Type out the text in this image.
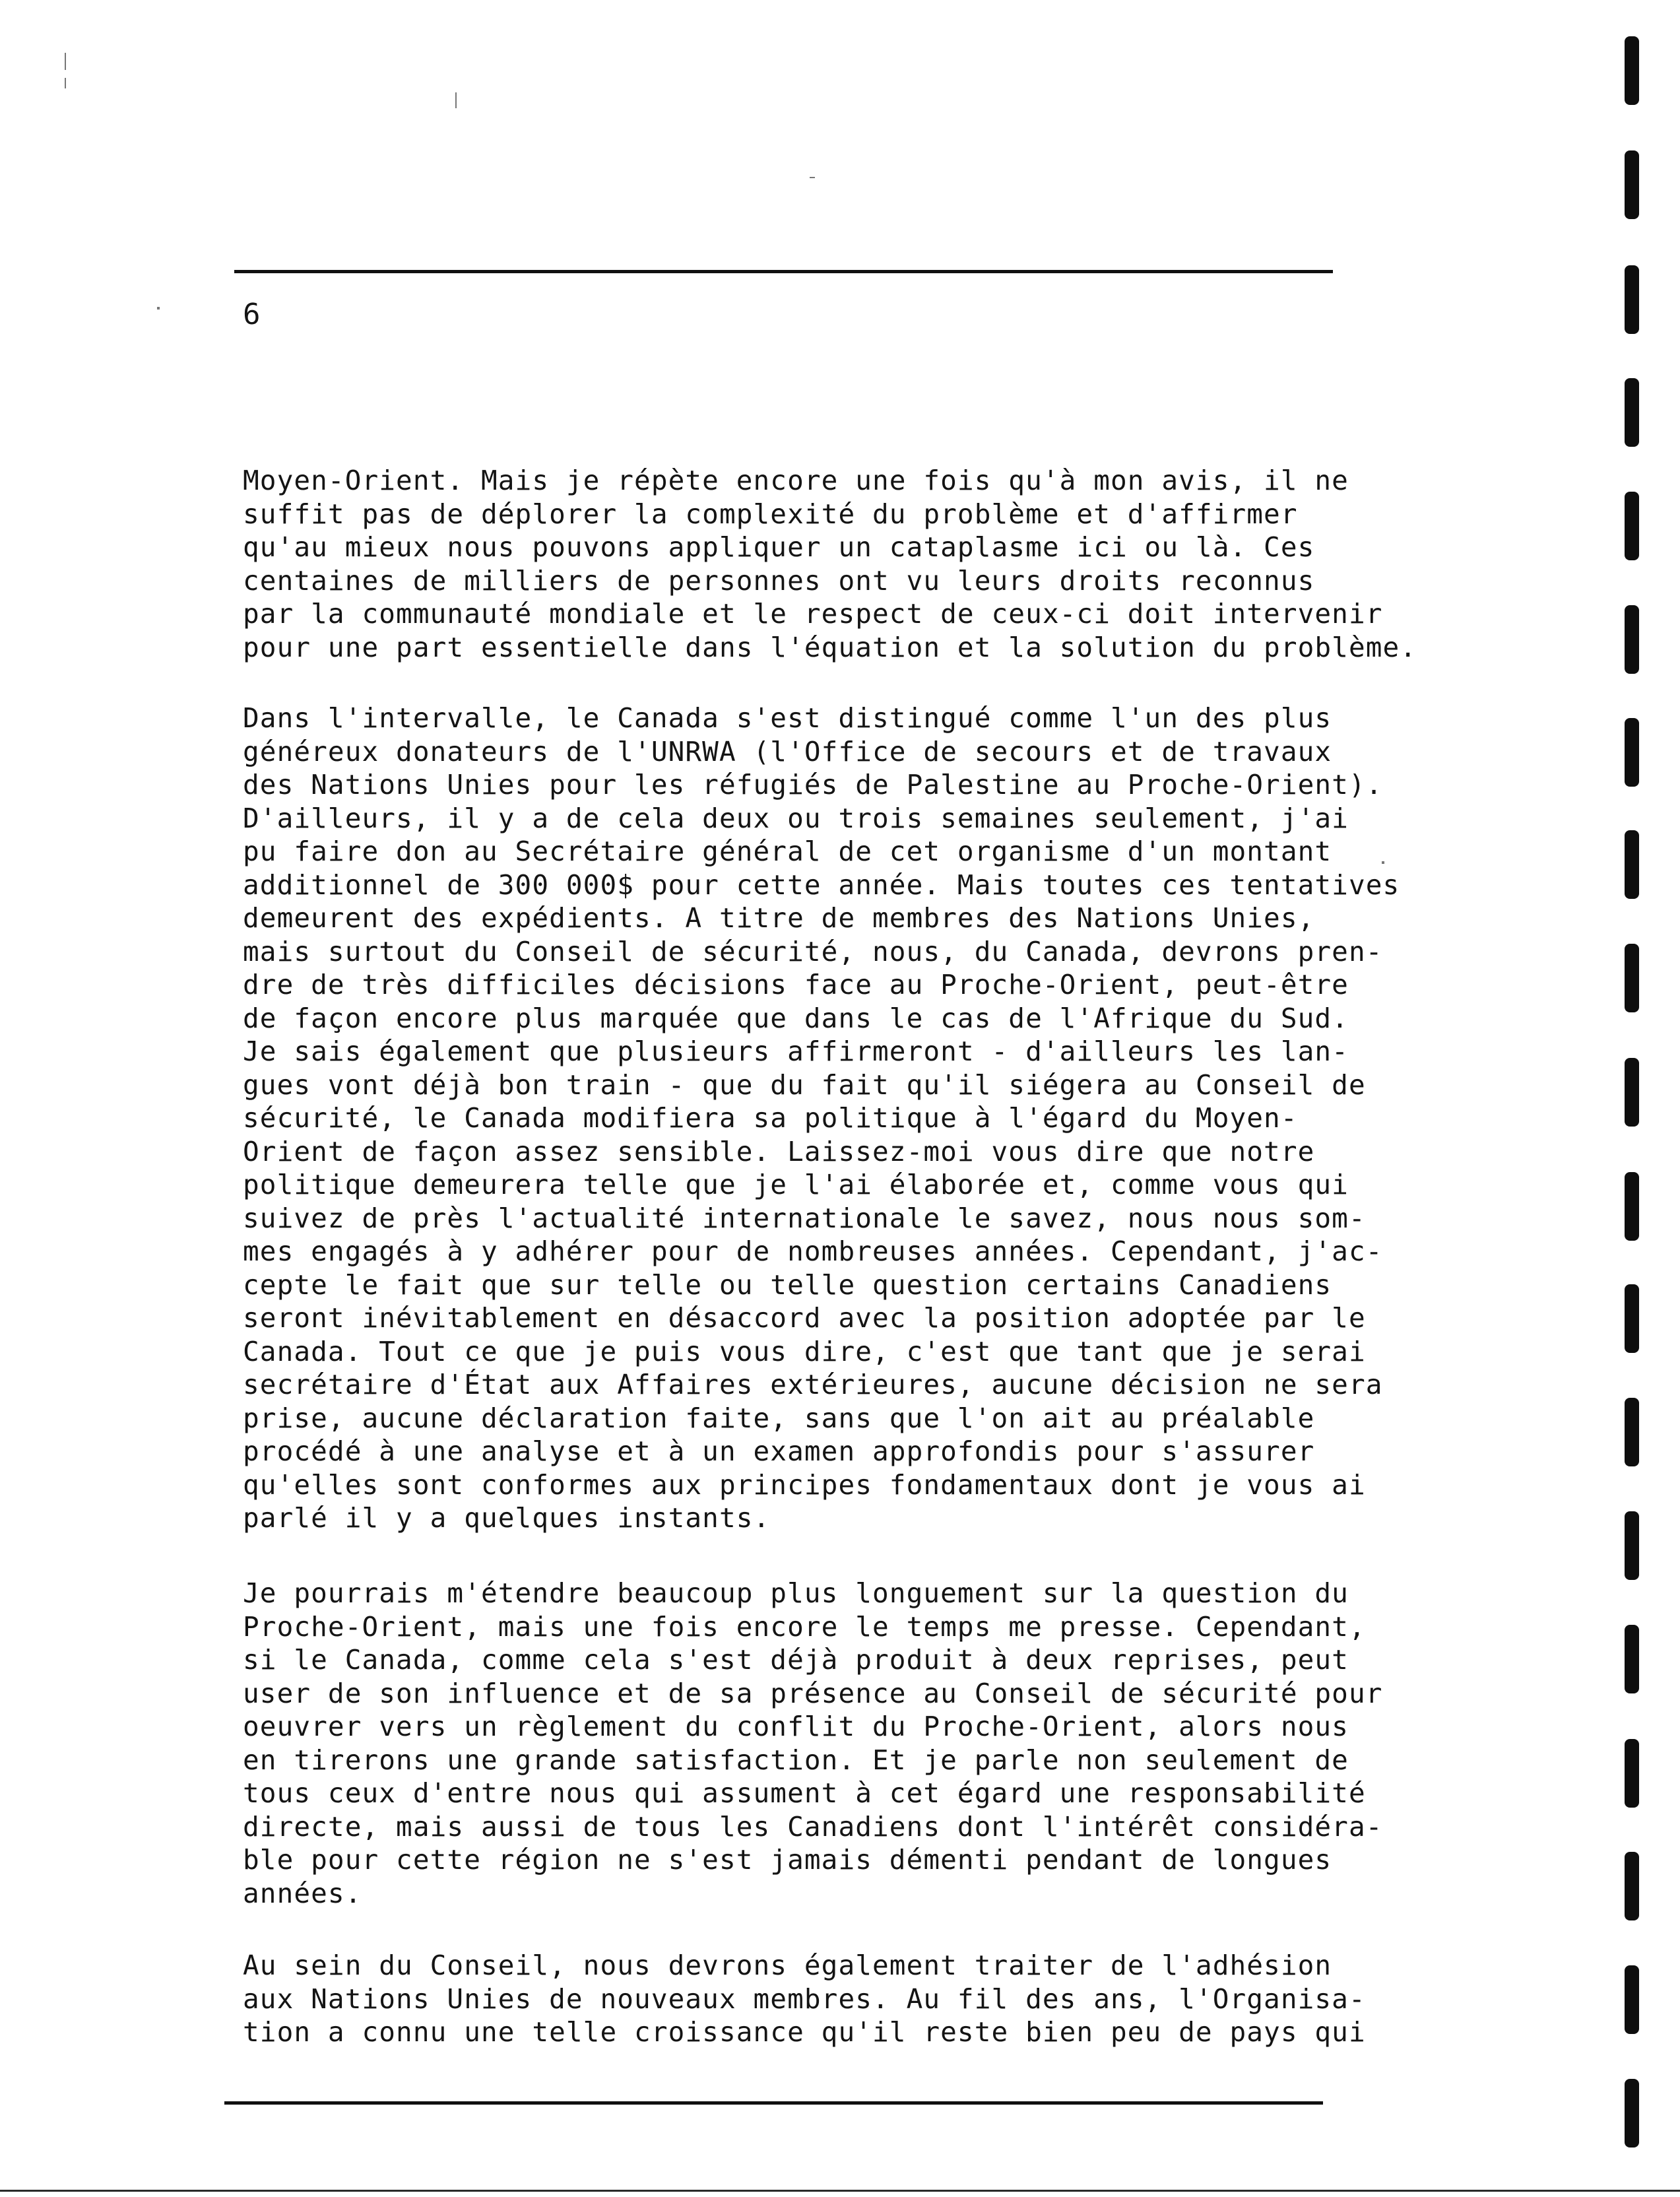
6

Moyen-Orient. Mais je répète encore une fois qu'à mon avis, il ne
suffit pas de déplorer la complexité du problème et d'affirmer
qu'au mieux nous pouvons appliquer un cataplasme ici ou là. Ces
centaines de milliers de personnes ont vu leurs droits reconnus
par la communauté mondiale et le respect de ceux-ci doit intervenir
pour une part essentielle dans l'équation et la solution du problème.

Dans l'intervalle, le Canada s'est distingué comme l'un des plus
généreux donateurs de l'UNRWA (l'Office de secours et de travaux
des Nations Unies pour les réfugiés de Palestine au Proche-Orient).
D'ailleurs, il y a de cela deux ou trois semaines seulement, j'ai
pu faire don au Secrétaire général de cet organisme d'un montant
additionnel de 300 000$ pour cette année. Mais toutes ces tentatives
demeurent des expédients. A titre de membres des Nations Unies,
mais surtout du Conseil de sécurité, nous, du Canada, devrons pren-
dre de très difficiles décisions face au Proche-Orient, peut-être
de façon encore plus marquée que dans le cas de l'Afrique du Sud.
Je sais également que plusieurs affirmeront - d'ailleurs les lan-
gues vont déjà bon train - que du fait qu'il siégera au Conseil de
sécurité, le Canada modifiera sa politique à l'égard du Moyen-
Orient de façon assez sensible. Laissez-moi vous dire que notre
politique demeurera telle que je l'ai élaborée et, comme vous qui
suivez de près l'actualité internationale le savez, nous nous som-
mes engagés à y adhérer pour de nombreuses années. Cependant, j'ac-
cepte le fait que sur telle ou telle question certains Canadiens
seront inévitablement en désaccord avec la position adoptée par le
Canada. Tout ce que je puis vous dire, c'est que tant que je serai
secrétaire d'État aux Affaires extérieures, aucune décision ne sera
prise, aucune déclaration faite, sans que l'on ait au préalable
procédé à une analyse et à un examen approfondis pour s'assurer
qu'elles sont conformes aux principes fondamentaux dont je vous ai
parlé il y a quelques instants.

Je pourrais m'étendre beaucoup plus longuement sur la question du
Proche-Orient, mais une fois encore le temps me presse. Cependant,
si le Canada, comme cela s'est déjà produit à deux reprises, peut
user de son influence et de sa présence au Conseil de sécurité pour
oeuvrer vers un règlement du conflit du Proche-Orient, alors nous
en tirerons une grande satisfaction. Et je parle non seulement de
tous ceux d'entre nous qui assument à cet égard une responsabilité
directe, mais aussi de tous les Canadiens dont l'intérêt considéra-
ble pour cette région ne s'est jamais démenti pendant de longues
années.

Au sein du Conseil, nous devrons également traiter de l'adhésion
aux Nations Unies de nouveaux membres. Au fil des ans, l'Organisa-
tion a connu une telle croissance qu'il reste bien peu de pays qui
